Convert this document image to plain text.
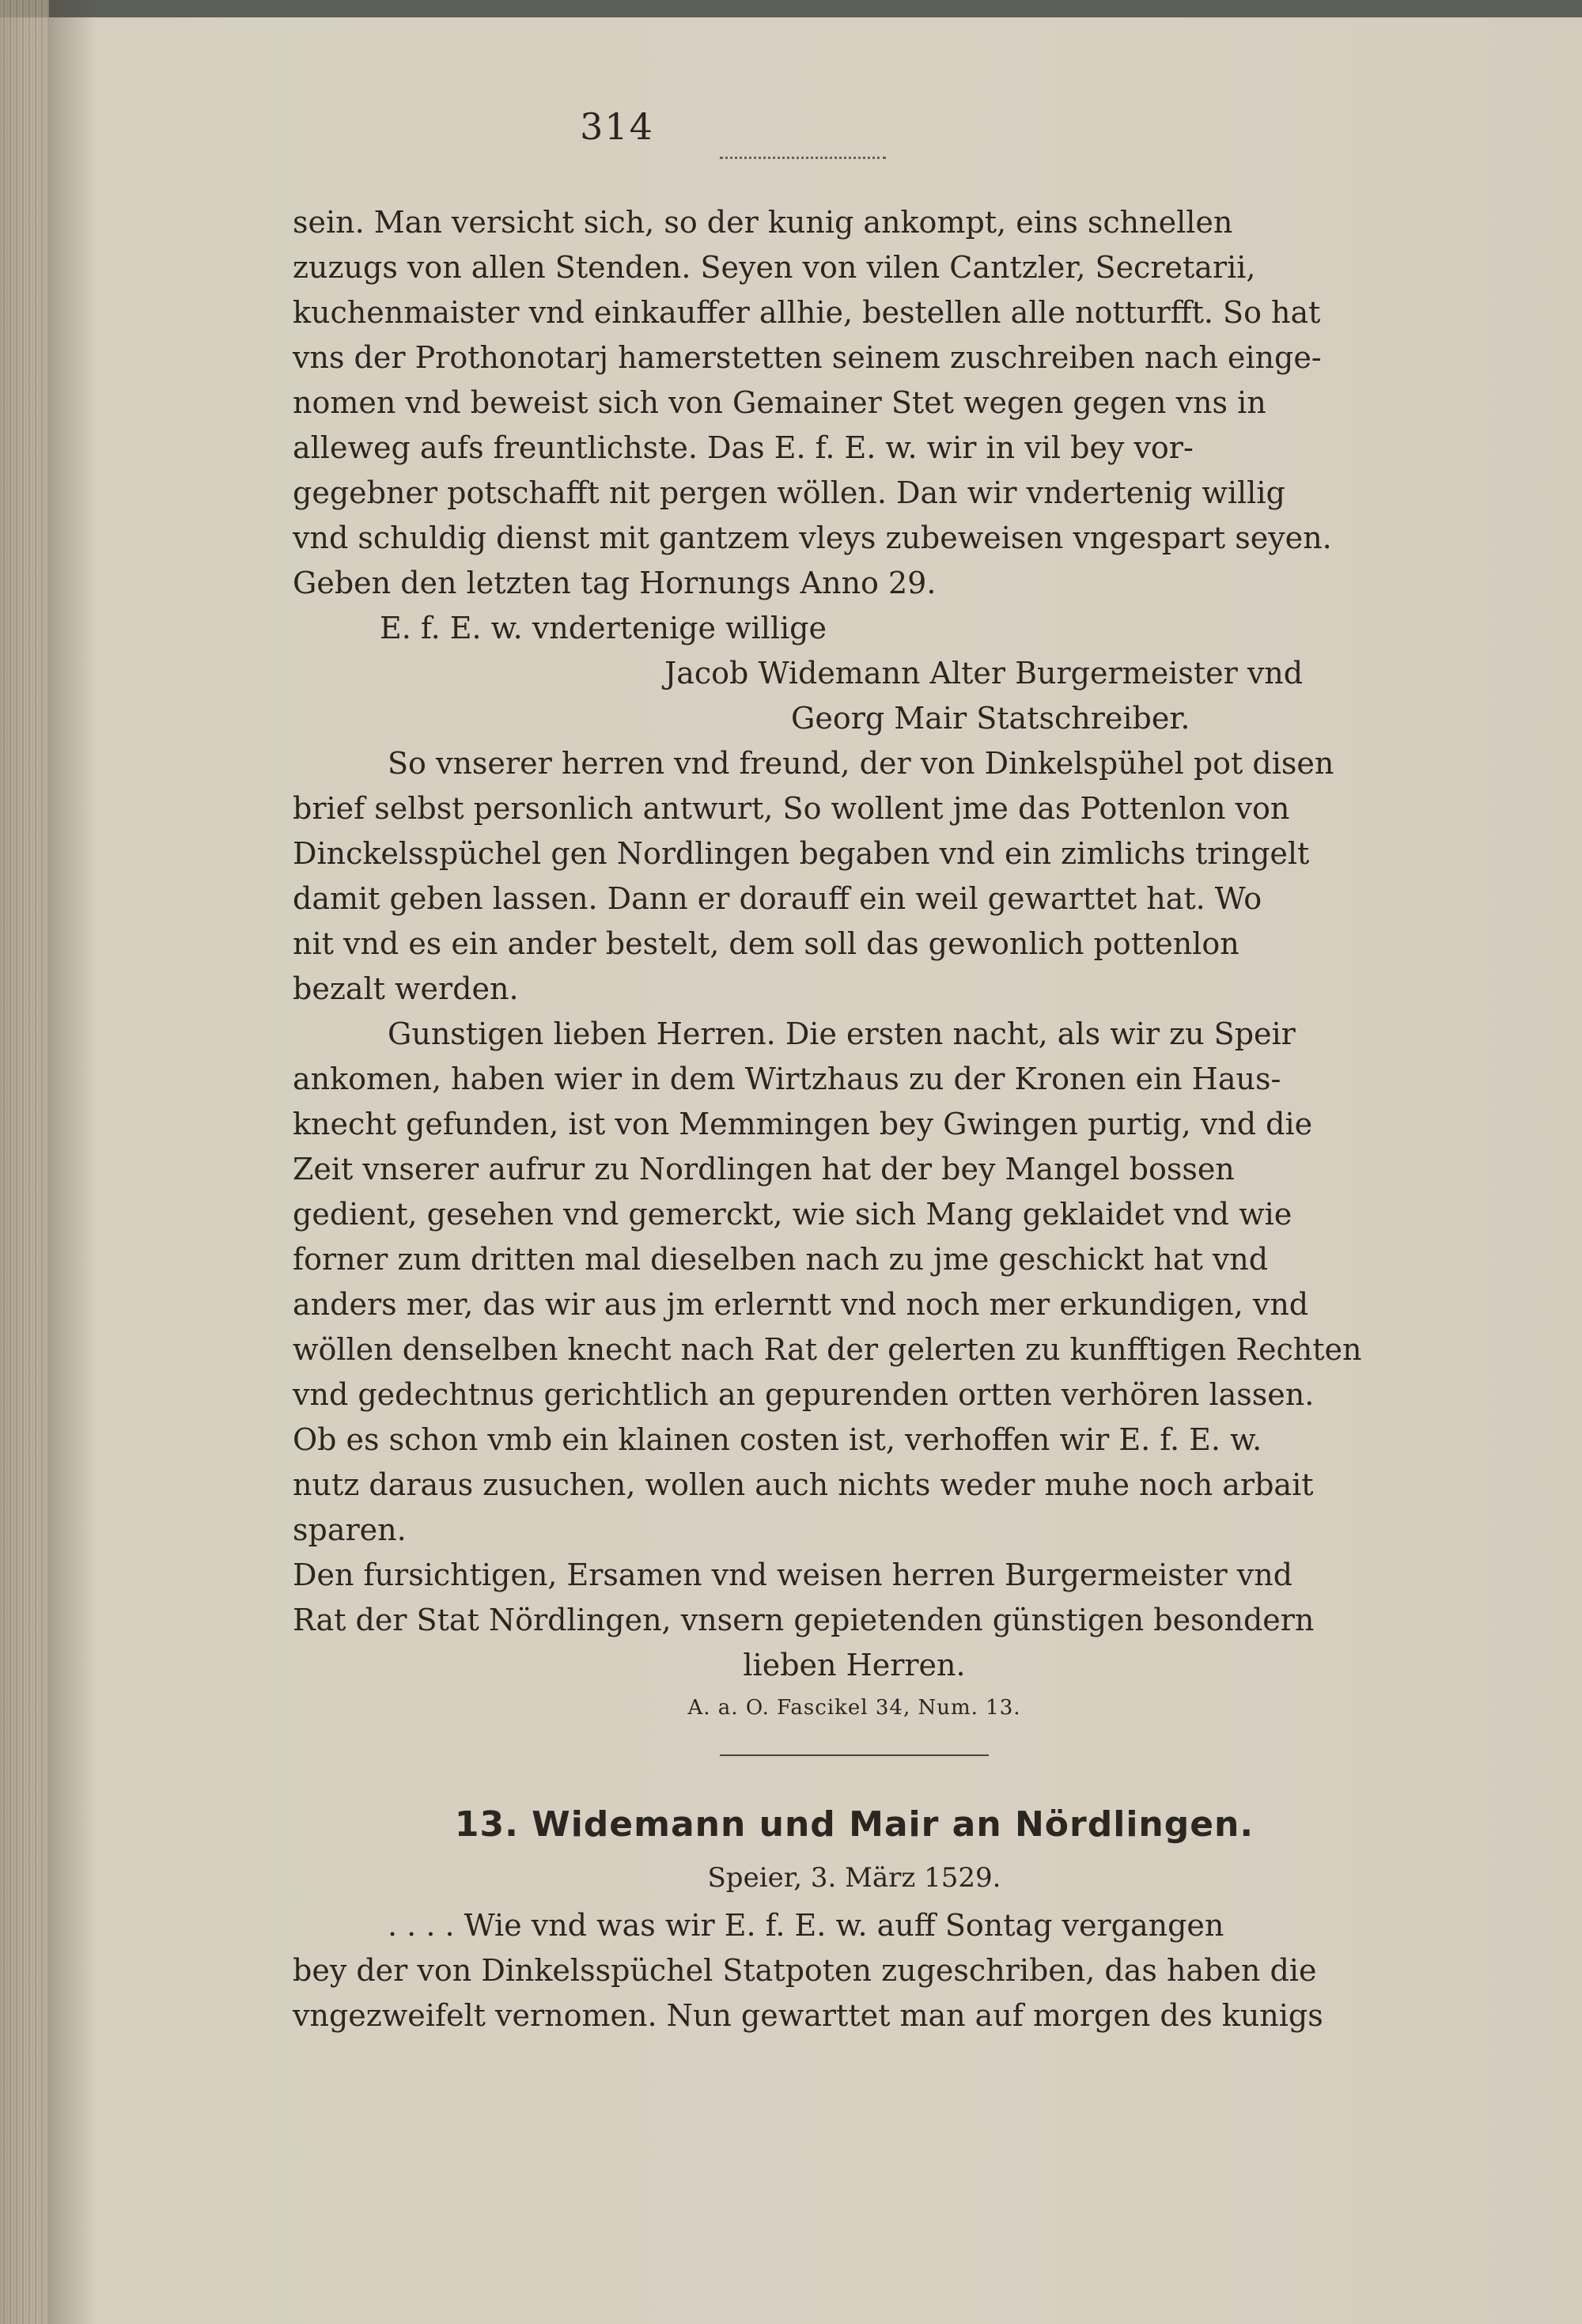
314
sein. Man versicht sich, so der kunig ankompt, eins schnellen
zuzugs von allen Stenden. Seyen von vilen Cantzler, Secretarii,
kuchenmaister vnd einkauffer allhie, bestellen alle notturfft. So hat
vns der Prothonotarj hamerstetten seinem zuschreiben nach einge-
nomen vnd beweist sich von Gemainer Stet wegen gegen vns in
alleweg aufs freuntlichste. Das E. f. E. w. wir in vil bey vor-
gegebner potschafft nit pergen wöllen. Dan wir vndertenig willig
vnd schuldig dienst mit gantzem vleys zubeweisen vngespart seyen.
Geben den letzten tag Hornungs Anno 29.
E. f. E. w. vndertenige willige
Jacob Widemann Alter Burgermeister vnd
Georg Mair Statschreiber.
So vnserer herren vnd freund, der von Dinkelspühel pot disen
brief selbst personlich antwurt, So wollent jme das Pottenlon von
Dinckelsspüchel gen Nordlingen begaben vnd ein zimlichs tringelt
damit geben lassen. Dann er dorauff ein weil gewarttet hat. Wo
nit vnd es ein ander bestelt, dem soll das gewonlich pottenlon
bezalt werden.
Gunstigen lieben Herren. Die ersten nacht, als wir zu Speir
ankomen, haben wier in dem Wirtzhaus zu der Kronen ein Haus-
knecht gefunden, ist von Memmingen bey Gwingen purtig, vnd die
Zeit vnserer aufrur zu Nordlingen hat der bey Mangel bossen
gedient, gesehen vnd gemerckt, wie sich Mang geklaidet vnd wie
forner zum dritten mal dieselben nach zu jme geschickt hat vnd
anders mer, das wir aus jm erlerntt vnd noch mer erkundigen, vnd
wöllen denselben knecht nach Rat der gelerten zu kunfftigen Rechten
vnd gedechtnus gerichtlich an gepurenden ortten verhören lassen.
Ob es schon vmb ein klainen costen ist, verhoffen wir E. f. E. w.
nutz daraus zusuchen, wollen auch nichts weder muhe noch arbait
sparen.
Den fursichtigen, Ersamen vnd weisen herren Burgermeister vnd
Rat der Stat Nördlingen, vnsern gepietenden günstigen besondern
lieben Herren.
A. a. O. Fascikel 34, Num. 13.
13. Widemann und Mair an Nördlingen.
Speier, 3. März 1529.
. . . . Wie vnd was wir E. f. E. w. auff Sontag vergangen
bey der von Dinkelsspüchel Statpoten zugeschriben, das haben die
vngezweifelt vernomen. Nun gewarttet man auf morgen des kunigs
